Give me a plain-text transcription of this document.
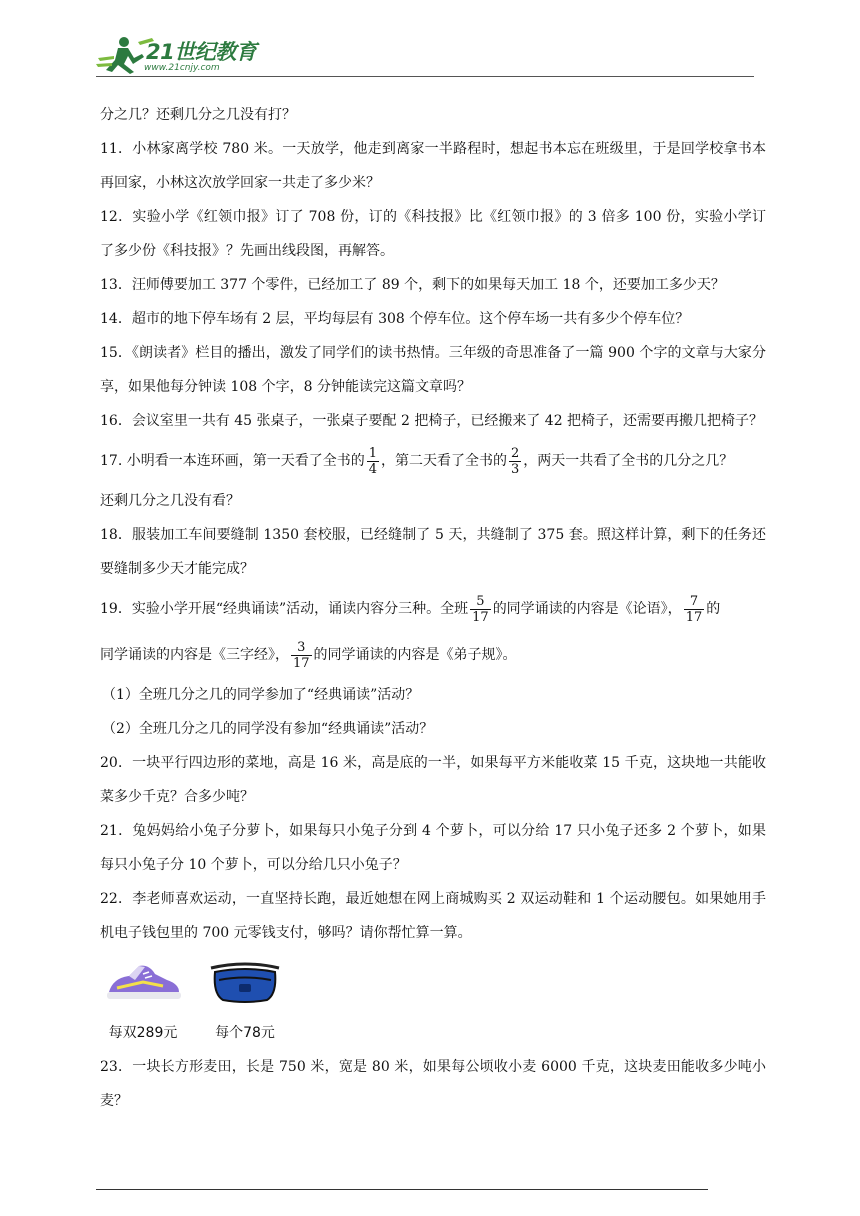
21世纪教育
www.21cnjy.com

分之几？还剩几分之几没有打？

11．小林家离学校 780 米。一天放学，他走到离家一半路程时，想起书本忘在班级里，于是回学校拿书本再回家，小林这次放学回家一共走了多少米？

12．实验小学《红领巾报》订了 708 份，订的《科技报》比《红领巾报》的 3 倍多 100 份，实验小学订了多少份《科技报》？先画出线段图，再解答。

13．汪师傅要加工 377 个零件，已经加工了 89 个，剩下的如果每天加工 18 个，还要加工多少天？

14．超市的地下停车场有 2 层，平均每层有 308 个停车位。这个停车场一共有多少个停车位？

15．《朗读者》栏目的播出，激发了同学们的读书热情。三年级的奇思准备了一篇 900 个字的文章与大家分享，如果他每分钟读 108 个字，8 分钟能读完这篇文章吗？

16．会议室里一共有 45 张桌子，一张桌子要配 2 把椅子，已经搬来了 42 把椅子，还需要再搬几把椅子？

17. 小明看一本连环画，第一天看了全书的 $\frac{1}{4}$ ，第二天看了全书的 $\frac{2}{3}$ ，两天一共看了全书的几分之几？

还剩几分之几没有看？

18．服装加工车间要缝制 1350 套校服，已经缝制了 5 天，共缝制了 375 套。照这样计算，剩下的任务还要缝制多少天才能完成？

19．实验小学开展“经典诵读”活动，诵读内容分三种。全班 $\frac{5}{17}$ 的同学诵读的内容是《论语》， $\frac{7}{17}$ 的

同学诵读的内容是《三字经》， $\frac{3}{17}$ 的同学诵读的内容是《弟子规》。

（1）全班几分之几的同学参加了“经典诵读”活动？

（2）全班几分之几的同学没有参加“经典诵读”活动？

20．一块平行四边形的菜地，高是 16 米，高是底的一半，如果每平方米能收菜 15 千克，这块地一共能收菜多少千克？合多少吨？

21．兔妈妈给小兔子分萝卜，如果每只小兔子分到 4 个萝卜，可以分给 17 只小兔子还多 2 个萝卜，如果每只小兔子分 10 个萝卜，可以分给几只小兔子？

22．李老师喜欢运动，一直坚持长跑，最近她想在网上商城购买 2 双运动鞋和 1 个运动腰包。如果她用手机电子钱包里的 700 元零钱支付，够吗？请你帮忙算一算。

每双289元	每个78元

23．一块长方形麦田，长是 750 米，宽是 80 米，如果每公顷收小麦 6000 千克，这块麦田能收多少吨小麦？
